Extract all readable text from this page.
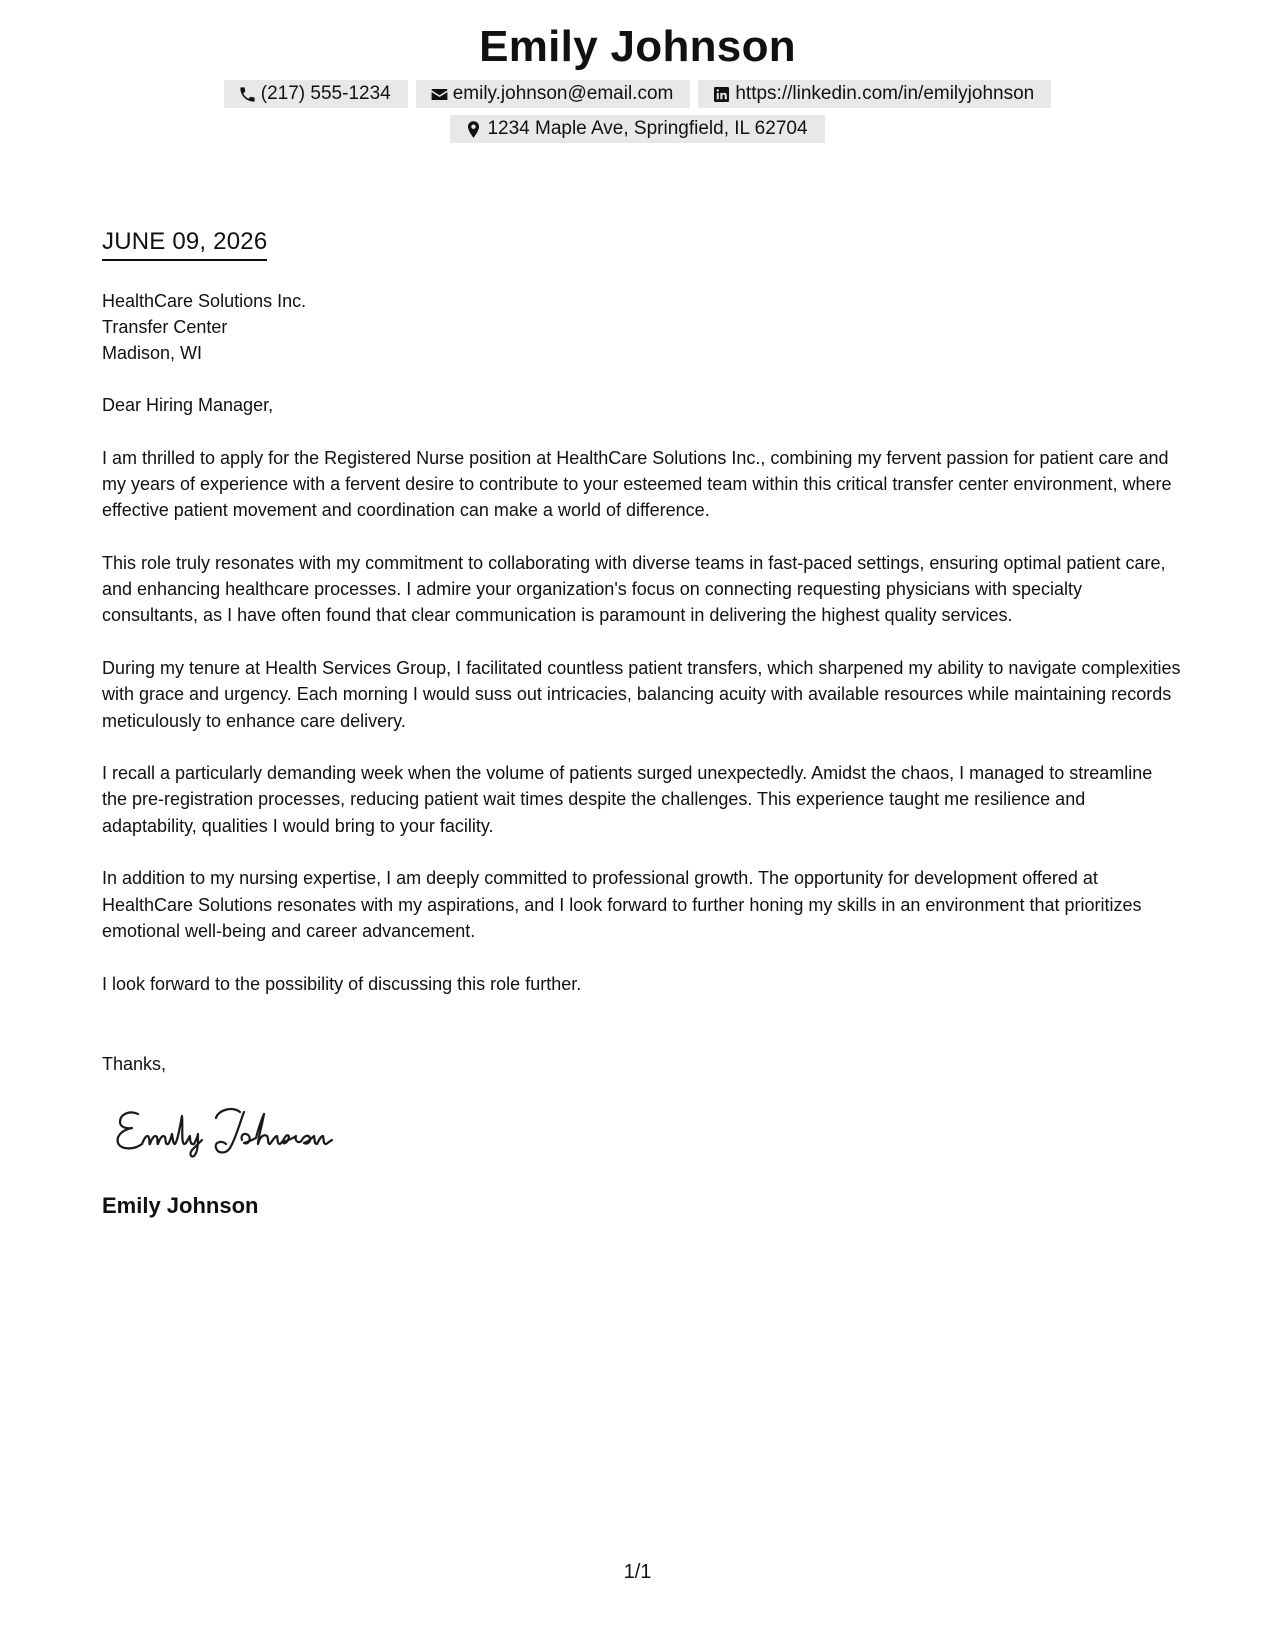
Emily Johnson
(217) 555-1234	emily.johnson@email.com	https://linkedin.com/in/emilyjohnson
1234 Maple Ave, Springfield, IL 62704
JUNE 09, 2026
HealthCare Solutions Inc.
Transfer Center
Madison, WI

Dear Hiring Manager,

I am thrilled to apply for the Registered Nurse position at HealthCare Solutions Inc., combining my fervent passion for patient care and my years of experience with a fervent desire to contribute to your esteemed team within this critical transfer center environment, where effective patient movement and coordination can make a world of difference.

This role truly resonates with my commitment to collaborating with diverse teams in fast-paced settings, ensuring optimal patient care, and enhancing healthcare processes. I admire your organization's focus on connecting requesting physicians with specialty consultants, as I have often found that clear communication is paramount in delivering the highest quality services.

During my tenure at Health Services Group, I facilitated countless patient transfers, which sharpened my ability to navigate complexities with grace and urgency. Each morning I would suss out intricacies, balancing acuity with available resources while maintaining records meticulously to enhance care delivery.

I recall a particularly demanding week when the volume of patients surged unexpectedly. Amidst the chaos, I managed to streamline the pre-registration processes, reducing patient wait times despite the challenges. This experience taught me resilience and adaptability, qualities I would bring to your facility.

In addition to my nursing expertise, I am deeply committed to professional growth. The opportunity for development offered at HealthCare Solutions resonates with my aspirations, and I look forward to further honing my skills in an environment that prioritizes emotional well-being and career advancement.

I look forward to the possibility of discussing this role further.

Thanks,
Emily Johnson
1/1
